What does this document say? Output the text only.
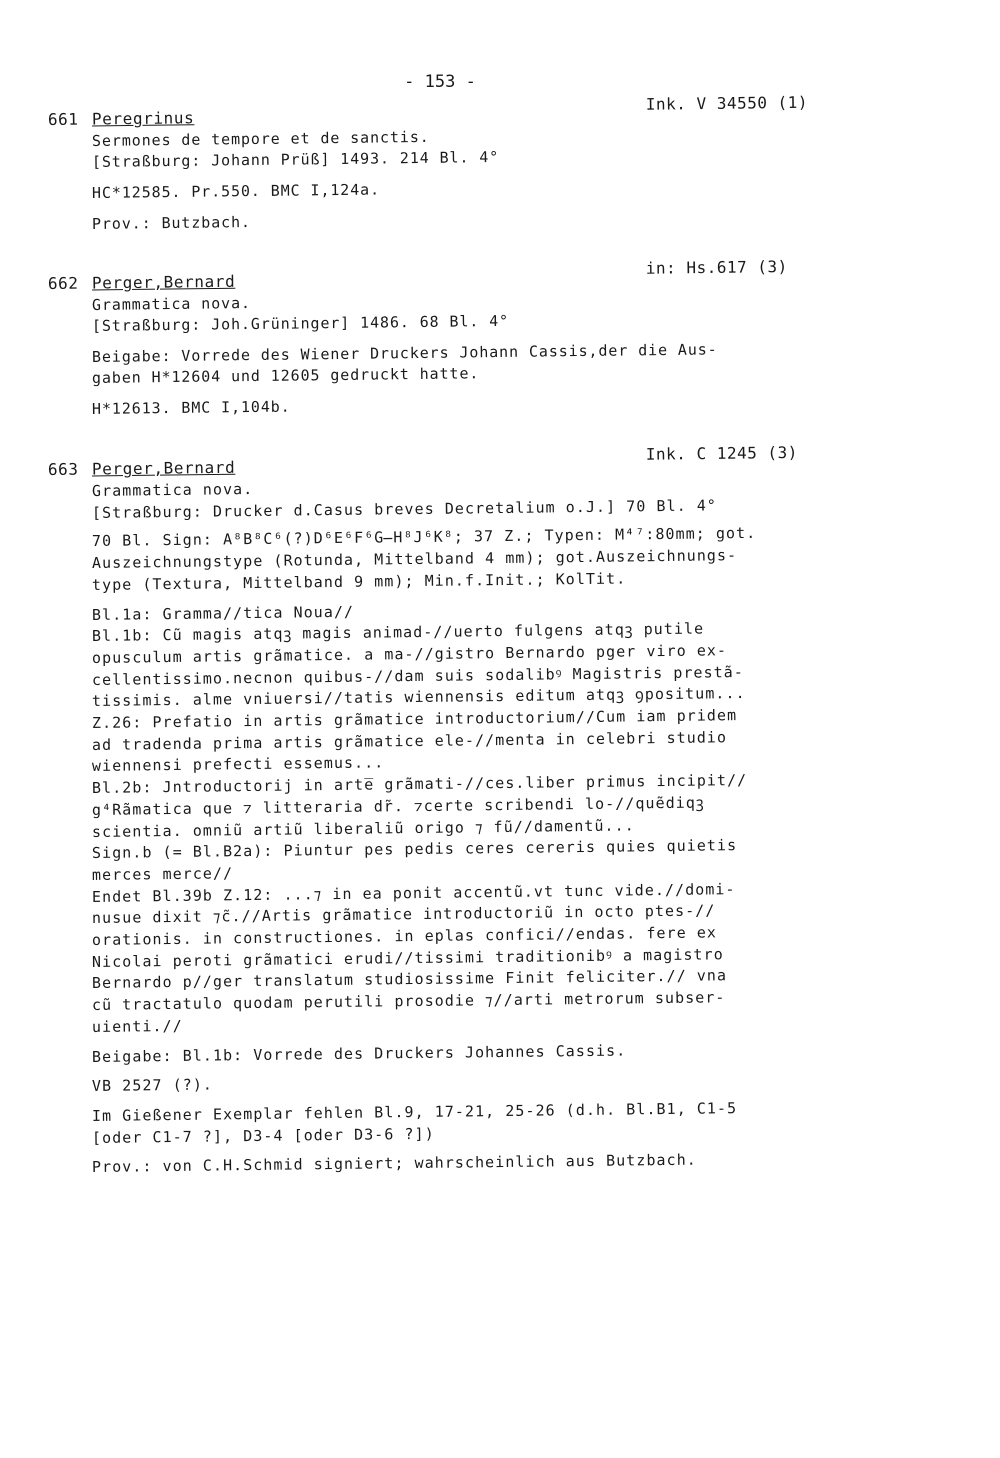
- 153 -
661 Peregrinus
Ink. V 34550 (1)
Sermones de tempore et de sanctis.
[Straßburg: Johann Prüß] 1493. 214 Bl. 4°
HC*12585. Pr.550. BMC I,124a.
Prov.: Butzbach.
662 Perger,Bernard
in: Hs.617 (3)
Grammatica nova.
[Straßburg: Joh.Grüninger] 1486. 68 Bl. 4°
Beigabe: Vorrede des Wiener Druckers Johann Cassis,der die Aus-
gaben H*12604 und 12605 gedruckt hatte.
H*12613. BMC I,104b.
663 Perger,Bernard
Ink. C 1245 (3)
Grammatica nova.
[Straßburg: Drucker d.Casus breves Decretalium o.J.] 70 Bl. 4°
70 Bl. Sign: A⁸B⁸C⁶(?)D⁶E⁶F⁶G̶H⁸J⁶K⁸; 37 Z.; Typen: M⁴⁷:80mm; got.
Auszeichnungstype (Rotunda, Mittelband 4 mm); got.Auszeichnungs-
type (Textura, Mittelband 9 mm); Min.f.Init.; KolTit.
Bl.1a: Gramma//tica Noua//
Bl.1b: Cũ magis atqꝫ magis animad-//uerto fulgens atqꝫ putile
opusculum artis grãmatice. a ma-//gistro Bernardo pger viro ex-
cellentissimo.necnon quibus-//dam suis sodalibꝰ Magistris prestã-
tissimis. alme vniuersi//tatis wiennensis editum atqꝫ ꝯpositum...
Z.26: Prefatio in artis grãmatice introductorium//Cum iam pridem
ad tradenda prima artis grãmatice ele-//menta in celebri studio
wiennensi prefecti essemus...
Bl.2b: Jntroductorij in arte̅ grãmati-//ces.liber primus incipit//
g⁴Rãmatica que ⁊ litteraria dr̃. ⁊certe scribendi lo-//quẽdiqꝫ
scientia. omniũ artiũ liberaliũ origo ⁊ fũ//damentũ...
Sign.b (= Bl.B2a): Piuntur pes pedis ceres cereris quies quietis
merces merce//
Endet Bl.39b Z.12: ...⁊ in ea ponit accentũ.vt tunc vide.//domi-
nusue dixit ⁊c̃.//Artis grãmatice introductoriũ in octo ptes-//
orationis. in constructiones. in eplas confici//endas. fere ex
Nicolai peroti grãmatici erudi//tissimi traditionibꝰ a magistro
Bernardo p//ger translatum studiosissime Finit feliciter.// vna
cũ tractatulo quodam perutili prosodie ⁊//arti metrorum subser-
uienti.//
Beigabe: Bl.1b: Vorrede des Druckers Johannes Cassis.
VB 2527 (?).
Im Gießener Exemplar fehlen Bl.9, 17-21, 25-26 (d.h. Bl.B1, C1-5
[oder C1-7 ?], D3-4 [oder D3-6 ?])
Prov.: von C.H.Schmid signiert; wahrscheinlich aus Butzbach.
